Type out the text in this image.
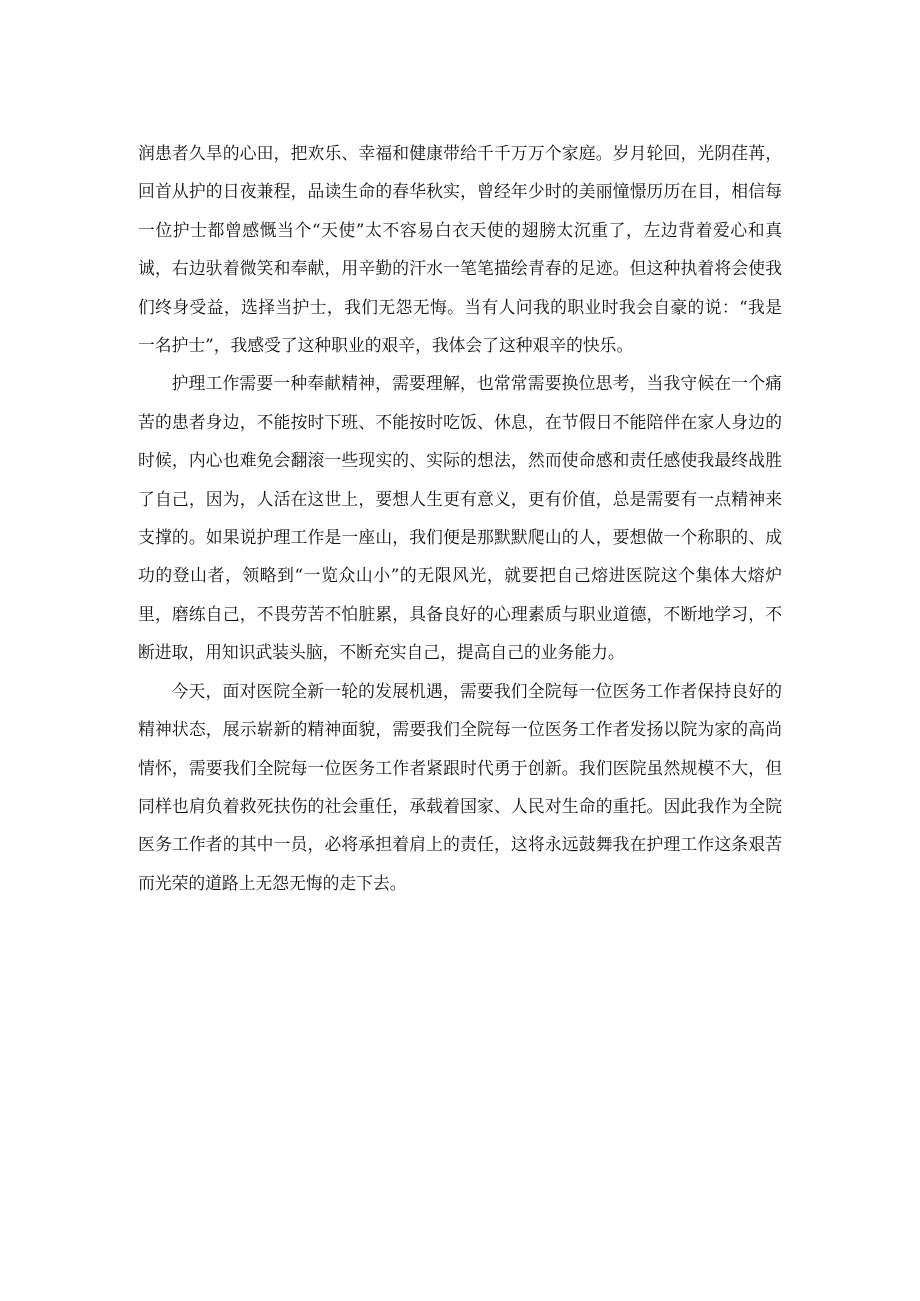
润患者久旱的心田，把欢乐、幸福和健康带给千千万万个家庭。岁月轮回，光阴荏苒，回首从护的日夜兼程，品读生命的春华秋实，曾经年少时的美丽憧憬历历在目，相信每一位护士都曾感慨当个“天使”太不容易白衣天使的翅膀太沉重了，左边背着爱心和真诚，右边驮着微笑和奉献，用辛勤的汗水一笔笔描绘青春的足迹。但这种执着将会使我们终身受益，选择当护士，我们无怨无悔。当有人问我的职业时我会自豪的说：“我是一名护士”，我感受了这种职业的艰辛，我体会了这种艰辛的快乐。

护理工作需要一种奉献精神，需要理解，也常常需要换位思考，当我守候在一个痛苦的患者身边，不能按时下班、不能按时吃饭、休息，在节假日不能陪伴在家人身边的时候，内心也难免会翻滚一些现实的、实际的想法，然而使命感和责任感使我最终战胜了自己，因为，人活在这世上，要想人生更有意义，更有价值，总是需要有一点精神来支撑的。如果说护理工作是一座山，我们便是那默默爬山的人，要想做一个称职的、成功的登山者，领略到“一览众山小”的无限风光，就要把自己熔进医院这个集体大熔炉里，磨练自己，不畏劳苦不怕脏累，具备良好的心理素质与职业道德，不断地学习，不断进取，用知识武装头脑，不断充实自己，提高自己的业务能力。

今天，面对医院全新一轮的发展机遇，需要我们全院每一位医务工作者保持良好的精神状态，展示崭新的精神面貌，需要我们全院每一位医务工作者发扬以院为家的高尚情怀，需要我们全院每一位医务工作者紧跟时代勇于创新。我们医院虽然规模不大，但同样也肩负着救死扶伤的社会重任，承载着国家、人民对生命的重托。因此我作为全院医务工作者的其中一员，必将承担着肩上的责任，这将永远鼓舞我在护理工作这条艰苦而光荣的道路上无怨无悔的走下去。
